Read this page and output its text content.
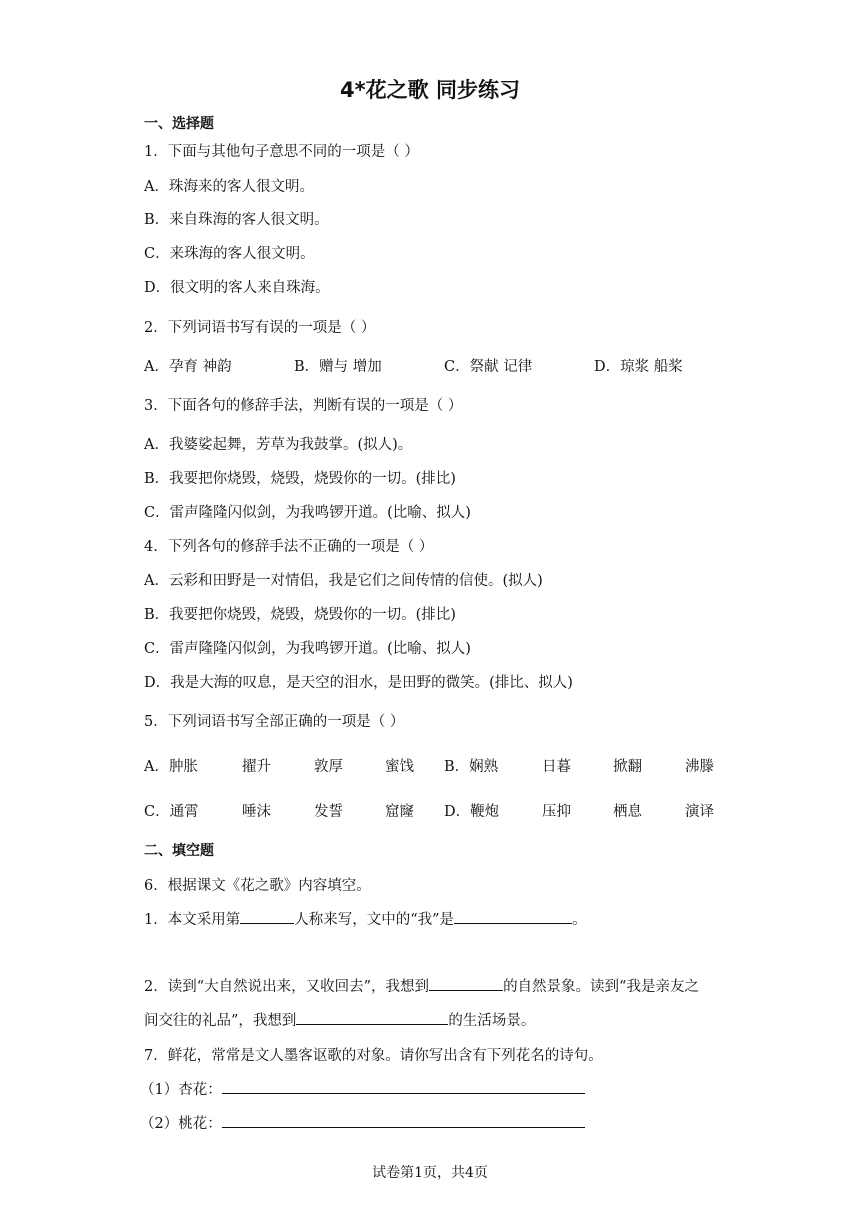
4*花之歌 同步练习
一、选择题
1．下面与其他句子意思不同的一项是（ ）
A．珠海来的客人很文明。
B．来自珠海的客人很文明。
C．来珠海的客人很文明。
D．很文明的客人来自珠海。
2．下列词语书写有误的一项是（ ）
A．孕育 神韵	B．赠与 增加	C．祭献 记律	D．琼浆 船桨
3．下面各句的修辞手法，判断有误的一项是（ ）
A．我婆娑起舞，芳草为我鼓掌。(拟人)。
B．我要把你烧毁，烧毁，烧毁你的一切。(排比)
C．雷声隆隆闪似剑，为我鸣锣开道。(比喻、拟人)
4．下列各句的修辞手法不正确的一项是（ ）
A．云彩和田野是一对情侣，我是它们之间传情的信使。(拟人)
B．我要把你烧毁，烧毁，烧毁你的一切。(排比)
C．雷声隆隆闪似剑，为我鸣锣开道。(比喻、拟人)
D．我是大海的叹息，是天空的泪水，是田野的微笑。(排比、拟人)
5．下列词语书写全部正确的一项是（ ）
A．肿胀	擢升	敦厚	蜜饯 B．娴熟	日暮	掀翻	沸滕
C．通霄	唾沫	发誓	窟窿 D．鞭炮	压抑	栖息	演译
二、填空题
6．根据课文《花之歌》内容填空。
1．本文采用第	人称来写，文中的“我”是	。
2．读到“大自然说出来，又收回去”，我想到	的自然景象。读到“我是亲友之
间交往的礼品”，我想到	的生活场景。
7．鲜花，常常是文人墨客讴歌的对象。请你写出含有下列花名的诗句。
（1）杏花：
（2）桃花：
试卷第1页，共4页
